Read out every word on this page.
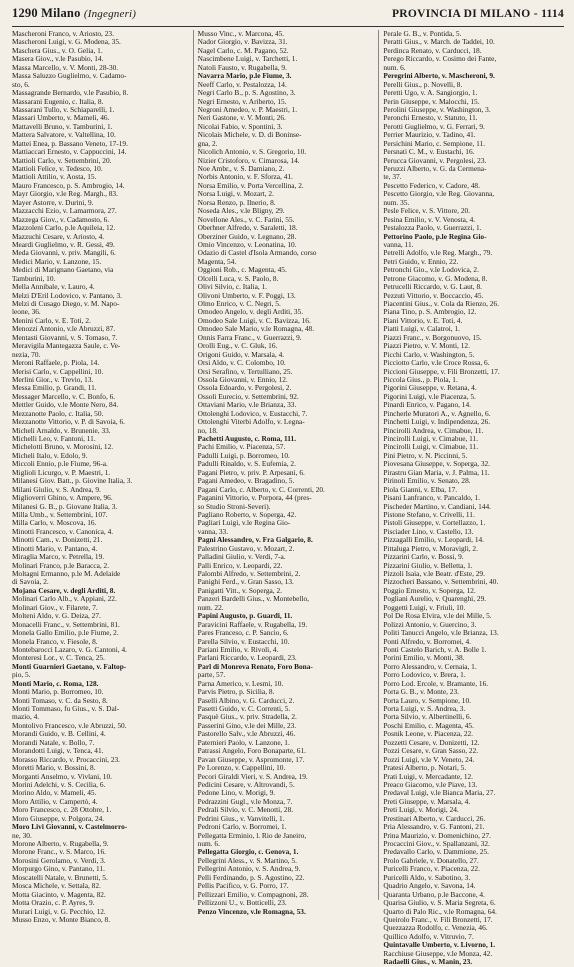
1290 Milano (Ingegneri)	PROVINCIA DI MILANO - 1114
Mascheroni Franco, v. Ariosto, 23.
Mascheroni Luigi, v. G. Modena, 35.
Maschera Gius., v. O. Gelia, 1.
Masera Giov., v.le Pasubio, 14.
Massa Marcello, v. V. Monti, 28-30.
Massa Saluzzo Guglielmo, v. Cadamo-
sto, 6.
Massagrande Bernardo, v.le Pasubio, 8.
Massarani Eugenio, c. Italia, 8.
Massarani Tullo, v. Schiaparelli, 1.
Massari Umberto, v. Mameli, 46.
Mattavelli Bruno, v. Tamburini, 1.
Mattera Salvatore, v. Valtellina, 10.
Mattei Enea, p. Bassano Veneto, 17-19.
Mattiaccari Ernesto, v. Cappuccini, 14.
Mattioli Carlo, v. Settembrini, 20.
Mattioli Felice, v. Tedesco, 10.
Mattioli Attilio, v. Aosta, 15.
Mauro Francesco, p. S. Ambrogio, 14.
Mayr Giorgio, v.le Reg. Margh., 83.
Mayer Astorre, v. Durini, 9.
Mazzacchi Ezio, v. Lamarmora, 27.
Mazzega Giov., v. Cadamosto, 6.
Mazzoleni Carlo, p.le Aquileia, 12.
Mazzuchi Cesare, v. Ariosto, 4.
Meardi Guglielmo, v. R. Gessi, 49.
Meda Giovanni, v. priv. Mangili, 6.
Medici Mario, v. Lanzone, 15.
Medici di Marignano Gaetano, via
Tamburini, 10.
Mella Annibale, v. Lauro, 4.
Melzi D'Eril Lodovico, v. Pantano, 3.
Melzi di Cusago Diego, v. M. Napo-
leone, 36.
Menini Carlo, v. E. Toti, 2.
Menozzi Antonio, v.le Abruzzi, 87.
Mentasti Giovanni, v. S. Tomaso, 7.
Meravigila Mantegazza Saule, c. Ve-
nezia, 70.
Meroni Raffaele, p. Piola, 14.
Merisi Carlo, v. Cappellini, 10.
Merlini Gior., v. Trevio, 13.
Messa Emilio, p. Grandi, 11.
Messager Marcello, v. C. Bonfo, 6.
Mettler Guido, v.le Monte Nero, 84.
Mezzanotte Paolo, c. Italia, 50.
Mezzanotte Vittorio, v. P. di Savoia, 6.
Micheli Arnaldo, v. Brunenie, 33.
Michelli Leo, v. Fantoni, 11.
Michelotti Bruno, v. Morosini, 12.
Micheli Italo, v. Edolo, 9.
Miccoli Ennio, p.le Fiume, 96-a.
Miglioli Licurgo, v. P. Maestri, 1.
Milanesi Giov. Batt., p. Giovine Italia, 3.
Milani Giulio, v. S. Andrea, 9.
Miglioverri Ghino, v. Ampere, 96.
Milanesi G. B., p. Giovane Italia, 3.
Milla Umb., v. Settembrini, 107.
Milla Carlo, v. Moscova, 16.
Minotti Francesco, v. Canonica, 4.
Minotti Cam., v. Donizetti, 21.
Minotti Mario, v. Pantano, 4.
Miraglia Marco, v. Petrella, 19.
Molinari Franco, p.le Baracca, 2.
Moltagni Ermanno, p.le M. Adelaide
di Savoia, 2.
Mojana Cesare, v. degli Arditi, 8.
Molinari Carlo Alb., v. Appiani, 22.
Molinari Giov., v. Filarete, 7.
Molteni Aldo, v. G. Deiza, 27.
Monacelli Franc., v. Settembrini, 81.
Monela Gallo Emilio, p.le Fiume, 2.
Monela Franco, v. Fiesole, 8.
Montebarocci Lazaro, v. G. Cantoni, 4.
Monteresi Lor., v. C. Tenca, 25.
Monti Guarnieri Gaetano, v. Faltop-
pio, 5.
Monti Mario, c. Roma, 128.
Monti Mario, p. Borromeo, 10.
Monti Tomaso, v. C. da Sesto, 8.
Monti Tommaso, fu Gius., v. S. Dal-
mazio, 4.
Montolivo Francesco, v.le Abruzzi, 50.
Morandi Guido, v. B. Cellini, 4.
Morandi Natale, v. Bollo, 7.
Morandotti Luigi, v. Tenca, 41.
Morasso Riccardo, v. Procaccini, 23.
Moretti Mario, v. Bossini, 8.
Morganti Anselmo, v. Vivlani, 10.
Morini Adelchi, v. S. Cecilia, 6.
Morino Aldo, v. Mameli, 45.
Moro Attilio, v. Campertò, 4.
Moro Francesco, c. 28 Ottobre, 1.
Moro Giuseppe, v. Polgora, 24.
Moro Livi Giovanni, v. Castelmorro-
ne, 30.
Morone Alberto, v. Rugabella, 9.
Morone Franc., v. S. Marco, 16.
Morosini Gerolamo, v. Verdi, 3.
Morpurgo Gino, v. Pantano, 11.
Moscatelli Natale, v. Brunetti, 5.
Mosca Michele, v. Settala, 82.
Motta Giacinto, v. Magenta, 82.
Motta Orazio, c. P. Ayres, 9.
Murari Luigi, v. G. Pecchio, 12.
Musso Enzo, v. Monte Bianco, 8.
Musso Vinc., v. Marcona, 45.
Nador Giorgio, v. Bavizza, 31.
Nagel Carlo, c. M. Pagano, 52.
Nascimbene Luigi, v. Tarchetti, 1.
Natoli Fausto, v. Rugabella, 9.
Navarra Mario, p.le Fiume, 3.
Neeff Carlo, v. Pestalozza, 14.
Negri Carlo B., p. S. Agostino, 3.
Negri Ernesto, v. Ariberto, 15.
Negroni Amedeo, v. P. Maestri, 1.
Neri Gastone, v. V. Monti, 26.
Nicolai Fabio, v. Spontini, 3.
Nicolais Michele, v. D. di Boninse-
gna, 2.
Nicolich Antonio, v. S. Gregorio, 10.
Nizier Cristoforo, v. Cimarosa, 14.
Noe Ambr., v. S. Damiano, 2.
Norbis Antonio, v. F. Sforza, 41.
Norsa Emilio, v. Porta Vercellina, 2.
Norsa Luigi, v. Mozart, 2.
Norsa Renzo, p. Ilnerio, 8.
Noseda Ales., v.le Bligny, 29.
Novellone Ales., v. C. Farini, 55.
Oberhner Alfredo, v. Saraletti, 18.
Oberziner Guido, v. Legnano, 28.
Omio Vincenzo, v. Leonatina, 10.
Odazio di Castel d'Isola Armando, corso
Magenta, 54.
Oggioni Rob., c. Magenta, 45.
Olcelli Luca, v. S. Paolo, 8.
Olivi Silvio, c. Italia, 1.
Olivoni Umberto, v. F. Poggi, 13.
Olmo Enrico, v. C. Negri, 5.
Omodeo Angelo, v. degli Arditi, 35.
Omodeo Sale Luigi, v. C. Bavizza, 16.
Omodeo Sale Mario, v.le Romagna, 48.
Onnis Farra Franc., v. Guerrazzi, 9.
Orolli Eug., v. C. Gluk, 16.
Origoni Guido, v. Marsala, 4.
Orsi Aldo, v. C. Colombo, 10.
Orsi Serafino, v. Tertulliano, 25.
Ossola Giovanni, v. Ennio, 12.
Ossola Edoardo, v. Pergolesi, 2.
Ossoli Eurecio, v. Settembrini, 92.
Ottaviani Mario, v.le Brianza, 33.
Ottolenghi Lodovico, v. Eustacchi, 7.
Ottolenghi Viterbi Adolfo, v. Legna-
no, 18.
Pachetti Augusto, c. Roma, 111.
Pachi Emilio, v. Piacenza, 57.
Padulli Luigi, p. Borromeo, 10.
Padulli Rinaldo, v. S. Eufemia, 2.
Pagani Pietro, v. priv. P. Arpesani, 6.
Pagani Amedeo, v. Bragadino, 5.
Pagani Carlo, c. Alberto, v. C. Correnti, 20.
Paganini Vittorio, v. Porpora, 44 (pres-
so Studio Stroni-Severi).
Pagliano Roberto, v. Soperga, 42.
Pagliari Luigi, v.le Regina Gio-
vanna, 33.
Pagni Alessandro, v. Fra Galgario, 8.
Palestrino Gustavo, v. Mozart, 2.
Palladini Giulio, v. Verdi, 7-a.
Palli Enrico, v. Leopardi, 22.
Palombi Alfredo, v. Settembrini, 2.
Panighi Ferd., v. Gran Sasso, 13.
Panigatti Vitt., v. Soperga, 2.
Panzeri Bardelli Gius., v. Montebello,
num. 22.
Papini Augusto, p. Guardi, 11.
Paravicini Raffaele, v. Rugabella, 19.
Pares Franceso, c. P. Sancio, 6.
Parella Silvio, v. Eustacchi, 10.
Pariani Emilio, v. Rivoli, 4.
Parlani Riccardo, v. Leopardi, 23.
Parl di Monreva Renato, Foro Bona-
parte, 57.
Parna Americo, v. Lesmi, 10.
Parvis Pietro, p. Sicilia, 8.
Paselli Albino, v. G. Carducci, 2.
Pasetti Guido, v. C. Correnti, 5.
Pasquè Gius., v. priv. Stradella, 2.
Passerini Gino, v.le dei Mille, 23.
Pastorello Salv., v.le Abruzzi, 46.
Paternieri Paolo, v. Lanzone, 1.
Patrassi Angelo, Foro Bonaparte, 61.
Pavan Giuseppe, v. Aspromonte, 17.
Pe Lorenzo, v. Cappellini, 10.
Pecori Giraldi Vieri, v. S. Andrea, 19.
Pedicini Cesare, v. Altrovandi, 5.
Pedone Lino, v. Morigi, 9.
Pedrazzini Gugl., v.le Monza, 7.
Pedrali Silvio, v. C. Menotti, 28.
Pedrini Gius., v. Vanvitelli, 1.
Pedroni Carlo, v. Borromei, 1.
Pellegatta Erminio, l. Rio de Janeiro,
num. 6.
Pellegatta Giorgio, c. Genova, 1.
Pellegrini Aless., v. S. Martino, 5.
Pellegrini Antonio, v. S. Andrea, 9.
Pelli Ferdinando, p. S. Agostino, 22.
Pellis Pacifico, v. G. Porro, 17.
Pellizzari Emilio, v. Compagnoni, 28.
Pellizzoni U., v. Botticelli, 23.
Penzo Vincenzo, v.le Romagna, 53.
Perale G. B., v. Pontida, 5.
Peratti Gius., v. March. de Taddei, 10.
Perdinca Renato, v. Carducci, 18.
Perego Riccardo, v. Cosimo dei Fante,
num. 6.
Peregrini Alberto, v. Mascheroni, 9.
Perelli Gius., p. Novelli, 8.
Peretti Ugo, v. A. Sangiorgio, 1.
Perin Giuseppe, v. Malocchi, 15.
Perolini Giuseppe, v. Washington, 3.
Peronchi Ernesto, v. Statuto, 11.
Perotti Guglielmo, v. G. Ferrari, 9.
Perrier Maurizio, v. Tadino, 41.
Persichini Mario, c. Sempione, 11.
Persnati C. M., v. Eustachi, 16.
Perucca Giovanni, v. Pergolesi, 23.
Peruzzi Alberto, v. G. da Cermena-
te, 37.
Pescetto Federico, v. Cadore, 48.
Pescetto Giorgio, v.le Reg. Giovanna,
num. 35.
Pesle Felice, v. S. Vittore, 20.
Pesina Emilio, v. V. Venosta, 4.
Pestalozza Paolo, v. Guerrazzi, 1.
Pettorino Paolo, p.le Regina Gio-
vanna, 11.
Petrelli Adolfo, v.le Reg. Margh., 79.
Petri Guido, v. Ennio, 22.
Petronchi Gio., v.le Lodovica, 2.
Petrone Giacomo, v. G. Modena, 8.
Petrucelli Riccardo, v. G. Laut, 8.
Pezzuti Vittorio, v. Boccaccio, 45.
Piacentini Gius., v. Cola da Rienzo, 26.
Piana Tino, p. S. Ambrogio, 12.
Piani Vittorio, v. E. Toti, 4.
Piatti Luigi, v. Calatroi, 1.
Piazzi Franc., v. Borgonuovo, 15.
Piazzi Pietro, v. V. Monti, 12.
Picchi Carlo, v. Washington, 5.
Picciotto Carlo, v.le Croce Rossa, 6.
Piccioni Giuseppe, v. Fili Bronzetti, 17.
Piccola Gius., p. Piola, 1.
Pigorini Giuseppe, v. Retana, 4.
Pigorini Luigi, v.le Piacenza, 5.
Pinardi Enrico, v. Pagano, 14.
Pincherle Muratori A., v. Agnello, 6.
Pinchetti Luigi, v. Indipendenza, 26.
Pincirolli Andrea, v. Cimabue, 11.
Pincirolli Luigi, v. Cimabue, 11.
Pincirolli Luigi, v. Cimabue, 11.
Pini Pietro, v. N. Piccinni, 5.
Piovesana Giuseppe, v. Soperga, 32.
Pirastru Gian Maria, v. J. Palma, 11.
Pirinoli Emilio, v. Senato, 28.
Piola Gianni, v. Elba, 17.
Pisani Lanfranco, v. Pancaldo, 1.
Pischeder Martino, v. Candiani, 144.
Pistone Stefano, v. Crivelli, 11.
Pistoli Giuseppe, v. Cortellazzo, 1.
Pisciader Lino, v. Castello, 13.
Pizzagalli Emilio, v. Leopardi, 14.
Pittaluga Pietro, v. Moravigli, 2.
Pizzarini Carlo, v. Bossi, 9.
Pizzarini Giulio, v. Belletta, 1.
Pizzoli Isaia, v.le Beatr. d'Este, 29.
Pizzocheri Bassano, v. Settembrini, 40.
Poggio Ernesto, v. Soperga, 12.
Pogliani Aurelio, v. Quarenghi, 29.
Poggetti Luigi, v. Friuli, 10.
Pol De Rosa Elvira, v.le dei Mille, 5.
Polizzi Antonio, v. Guercino, 3.
Politi Tanucci Angelo, v.le Brianza, 13.
Ponti Alfredo, v. Borromei, 4.
Ponti Castelo Barich, v. A. Bolle 1.
Porini Emilio, v. Monti, 38.
Porro Alessandro, v. Cernaia, 1.
Porro Lodovico, v. Brera, 1.
Porro Lod. Ercole, v. Bramante, 16.
Porta G. B., v. Monte, 23.
Porta Lauro, v. Sempione, 10.
Porta Luigi, v. S. Andrea, 3.
Porta Silvio, v. Albertinelli, 6.
Poschi Emilio, c. Magenta, 45.
Posnik Leone, v. Piacenza, 22.
Pozzetti Cesare, v. Donizetti, 12.
Pozzi Cesare, v. Gran Sasso, 22.
Pozzi Luigi, v.le V. Veneto, 24.
Pratesi Alberto, p. Notari, 5.
Prati Luigi, v. Mercadante, 12.
Preaco Giacomo, v.le Piave, 13.
Predaval Luigi, v.le Bianca Maria, 27.
Preti Giuseppe, v. Marsala, 4.
Preti Luigi, v. Morigi, 24.
Prestinari Alberto, v. Carducci, 26.
Pria Alessandro, v. G. Fantoni, 21.
Prina Maurizio, v. Domenichino, 27.
Procaccini Giov., v. Spallanzani, 32.
Predavallo Carlo, v. Dammione, 25.
Prolo Gabriele, v. Donatello, 27.
Puricelli Franco, v. Piacenza, 22.
Puricelli Aldo, v. Sabotino, 3.
Quadrio Angelo, v. Savona, 14.
Quaranta Urbano, p.le Baccone, 4.
Quarisa Giulio, v. S. Maria Segreta, 6.
Quarto di Palo Ric., v.le Romagna, 64.
Queirolo Franc., v. Fili Bronzetti, 17.
Quezzazza Rodolfo, c. Venezia, 46.
Quillico Adolfo, v. Vitruvio, 7.
Quintavalle Umberto, v. Livorno, 1.
Racchiuse Giuseppe, v.le Monza, 42.
Radaelli Gius., v. Manin, 23.
